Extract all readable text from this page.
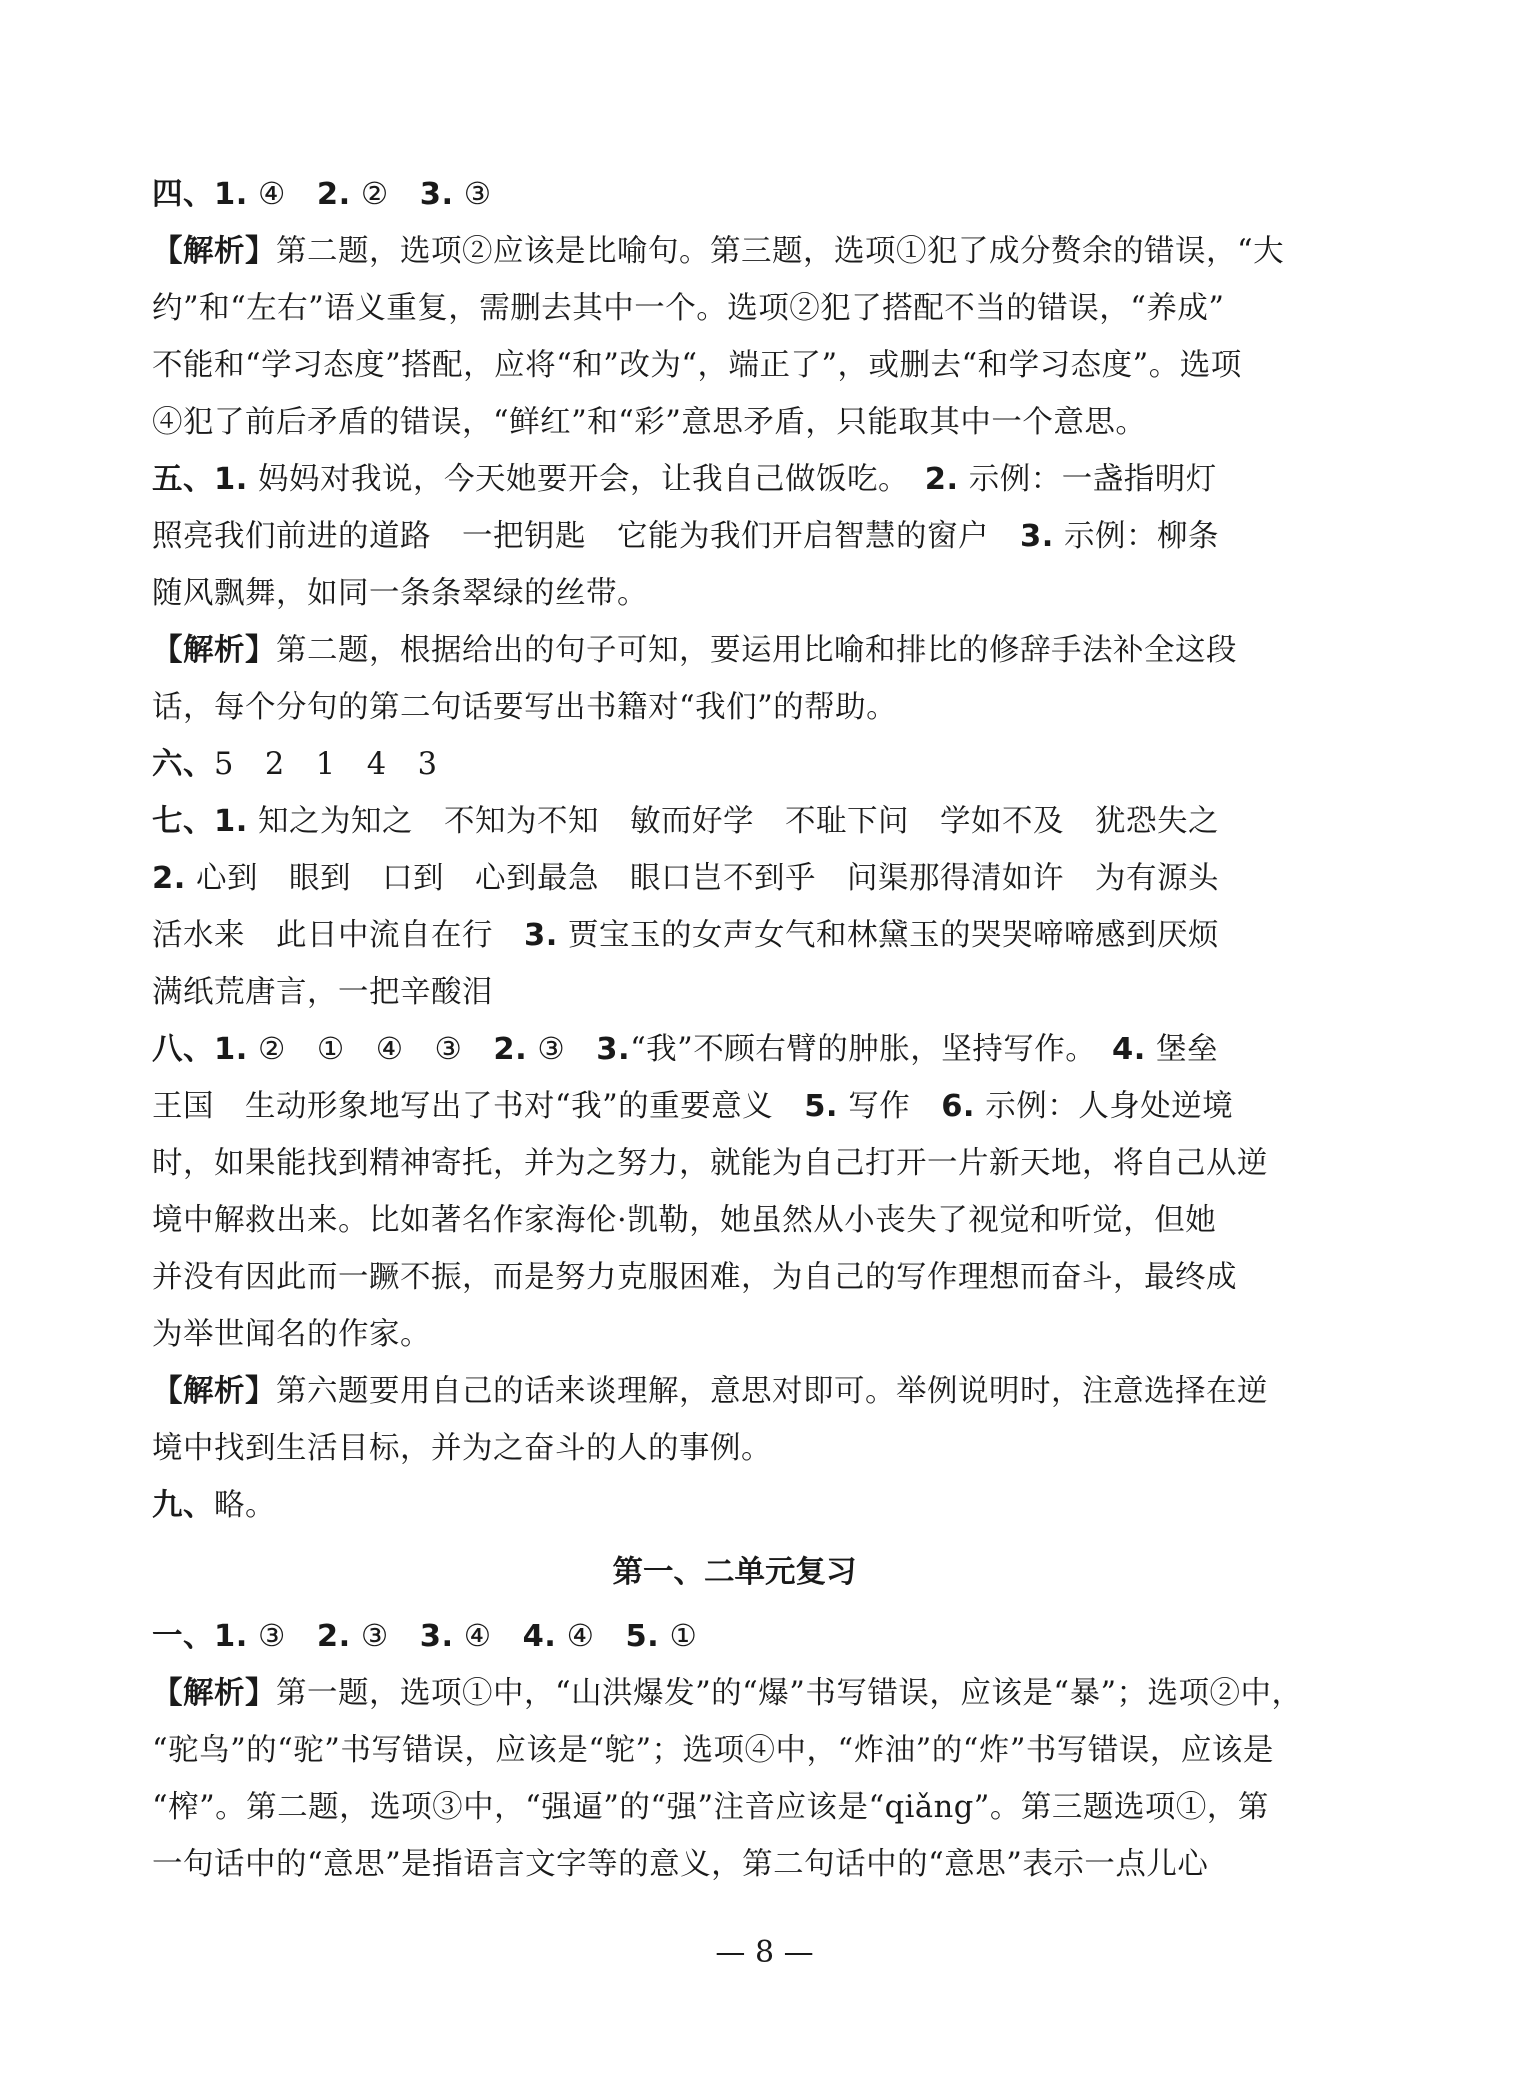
四、1. ④　2. ②　3. ③
【解析】第二题，选项②应该是比喻句。第三题，选项①犯了成分赘余的错误，“大
约”和“左右”语义重复，需删去其中一个。选项②犯了搭配不当的错误，“养成”
不能和“学习态度”搭配，应将“和”改为“，端正了”，或删去“和学习态度”。选项
④犯了前后矛盾的错误，“鲜红”和“彩”意思矛盾，只能取其中一个意思。
五、1. 妈妈对我说，今天她要开会，让我自己做饭吃。　2. 示例：一盏指明灯
照亮我们前进的道路　一把钥匙　它能为我们开启智慧的窗户　3. 示例：柳条
随风飘舞，如同一条条翠绿的丝带。
【解析】第二题，根据给出的句子可知，要运用比喻和排比的修辞手法补全这段
话，每个分句的第二句话要写出书籍对“我们”的帮助。
六、5　2　1　4　3
七、1. 知之为知之　不知为不知　敏而好学　不耻下问　学如不及　犹恐失之
2. 心到　眼到　口到　心到最急　眼口岂不到乎　问渠那得清如许　为有源头
活水来　此日中流自在行　3. 贾宝玉的女声女气和林黛玉的哭哭啼啼感到厌烦
满纸荒唐言，一把辛酸泪
八、1. ②　①　④　③　2. ③　3.“我”不顾右臂的肿胀，坚持写作。　4. 堡垒
王国　生动形象地写出了书对“我”的重要意义　5. 写作　6. 示例：人身处逆境
时，如果能找到精神寄托，并为之努力，就能为自己打开一片新天地，将自己从逆
境中解救出来。比如著名作家海伦·凯勒，她虽然从小丧失了视觉和听觉，但她
并没有因此而一蹶不振，而是努力克服困难，为自己的写作理想而奋斗，最终成
为举世闻名的作家。
【解析】第六题要用自己的话来谈理解，意思对即可。举例说明时，注意选择在逆
境中找到生活目标，并为之奋斗的人的事例。
九、略。
第一、二单元复习
一、1. ③　2. ③　3. ④　4. ④　5. ①
【解析】第一题，选项①中，“山洪爆发”的“爆”书写错误，应该是“暴”；选项②中，
“驼鸟”的“驼”书写错误，应该是“鸵”；选项④中，“炸油”的“炸”书写错误，应该是
“榨”。第二题，选项③中，“强逼”的“强”注音应该是“qiǎng”。第三题选项①，第
一句话中的“意思”是指语言文字等的意义，第二句话中的“意思”表示一点儿心
— 8 —
